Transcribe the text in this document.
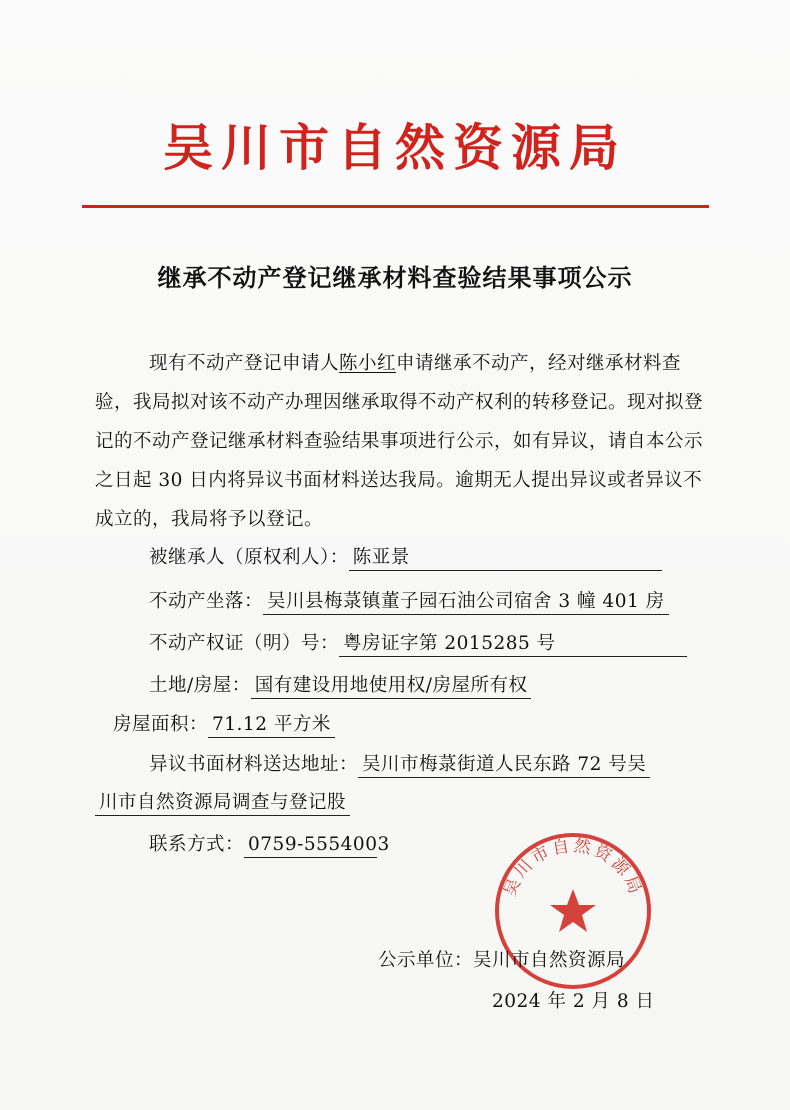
吴川市自然资源局
继承不动产登记继承材料查验结果事项公示
现有不动产登记申请人陈小红申请继承不动产，经对继承材料查验，我局拟对该不动产办理因继承取得不动产权利的转移登记。现对拟登记的不动产登记继承材料查验结果事项进行公示，如有异议，请自本公示之日起 30 日内将异议书面材料送达我局。逾期无人提出异议或者异议不成立的，我局将予以登记。
被继承人（原权利人）： 陈亚景
不动产坐落： 吴川县梅菉镇董子园石油公司宿舍 3 幢 401 房
不动产权证（明）号： 粤房证字第 2015285 号
土地/房屋： 国有建设用地使用权/房屋所有权
房屋面积： 71.12 平方米
异议书面材料送达地址： 吴川市梅菉街道人民东路 72 号吴
川市自然资源局调查与登记股
联系方式： 0759-5554003
吴川市自然资源局
公示单位：吴川市自然资源局
2024 年 2 月 8 日
